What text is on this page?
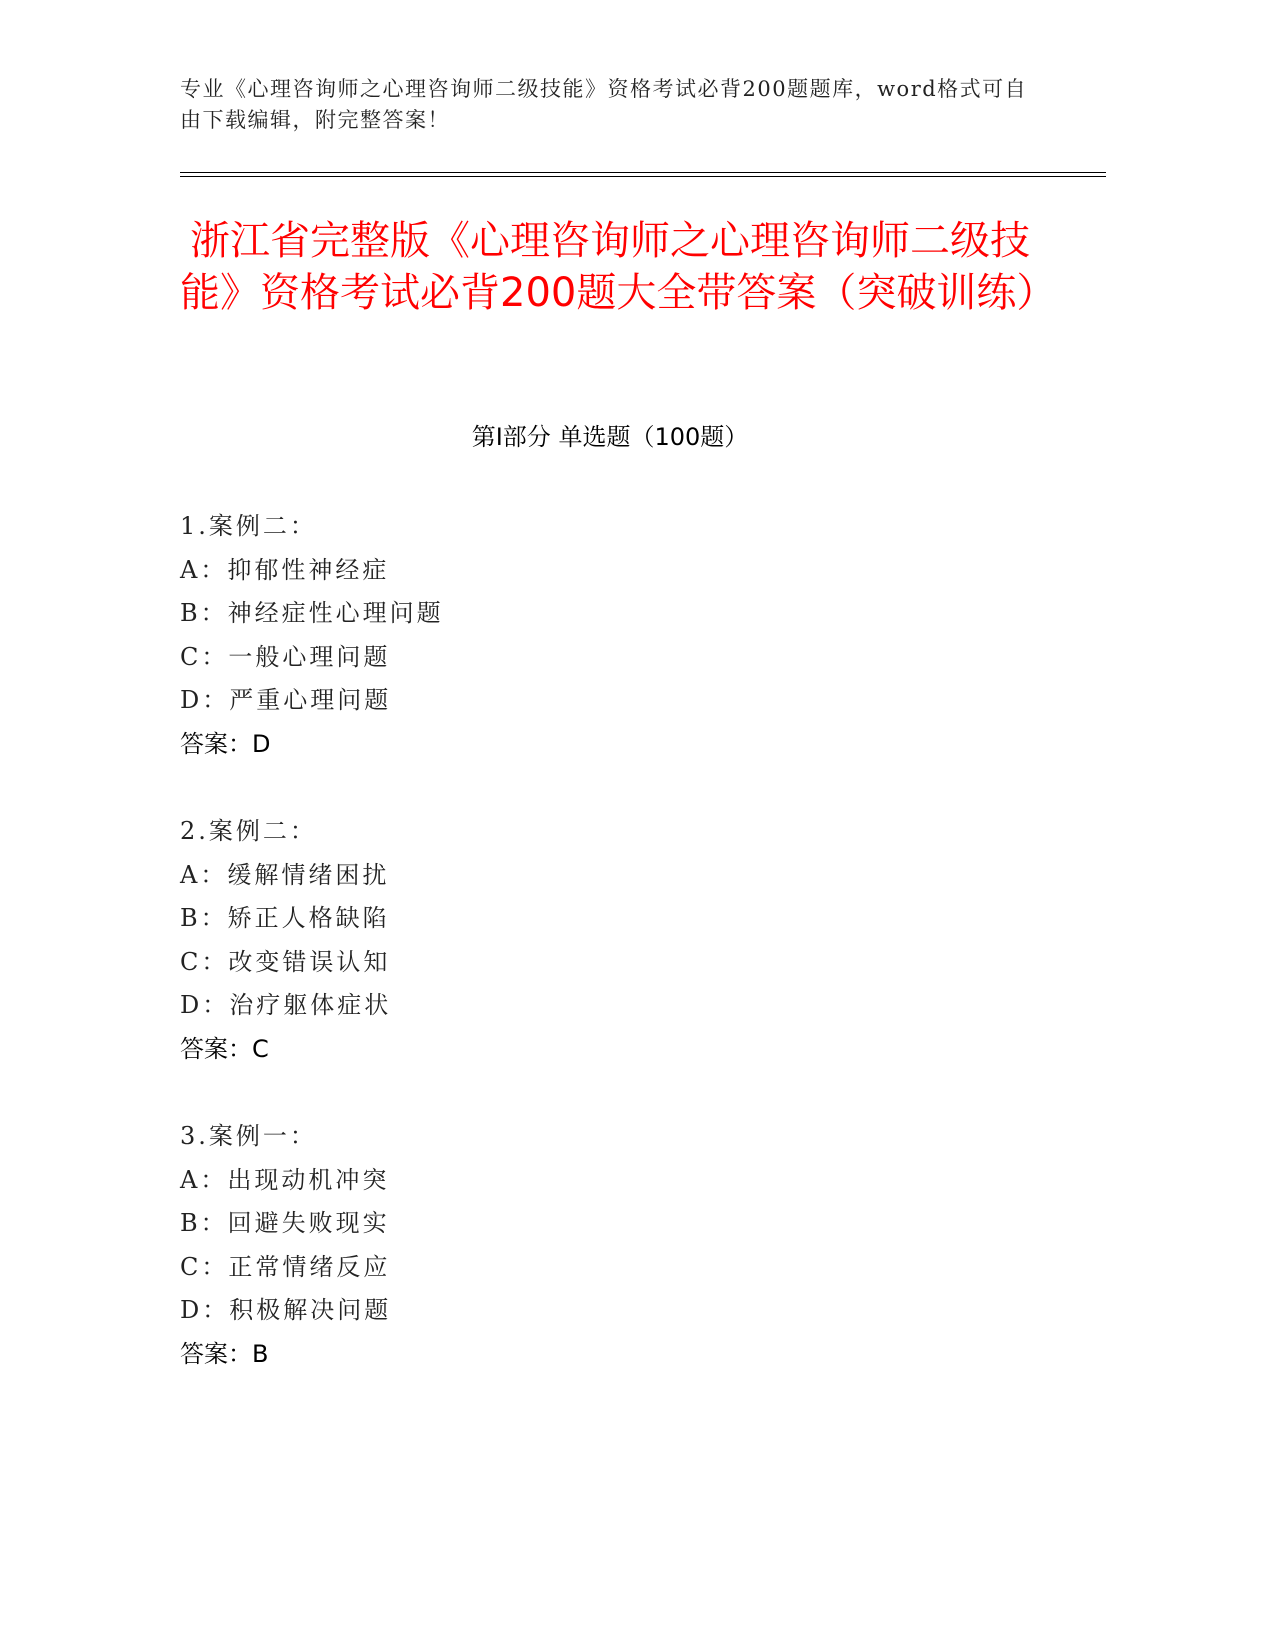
专业《心理咨询师之心理咨询师二级技能》资格考试必背200题题库，word格式可自由下载编辑，附完整答案！
浙江省完整版《心理咨询师之心理咨询师二级技能》资格考试必背200题大全带答案（突破训练）
第Ⅰ部分 单选题（100题）
1.案例二：
A：抑郁性神经症
B：神经症性心理问题
C：一般心理问题
D：严重心理问题
答案：D
2.案例二：
A：缓解情绪困扰
B：矫正人格缺陷
C：改变错误认知
D：治疗躯体症状
答案：C
3.案例一：
A：出现动机冲突
B：回避失败现实
C：正常情绪反应
D：积极解决问题
答案：B
